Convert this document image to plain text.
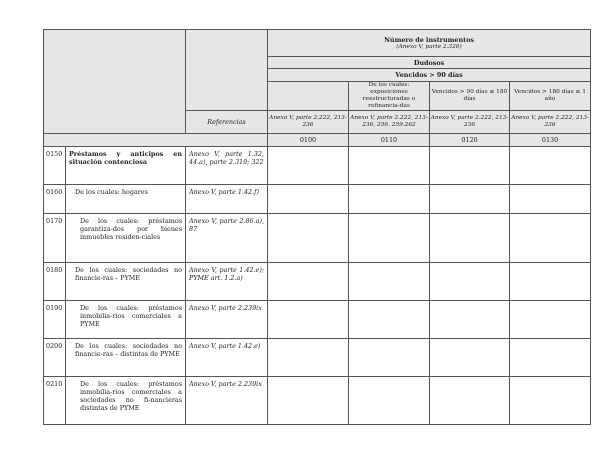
			Número de instrumentos
(Anexo V, parte 2.320)			

			Dudosos			
			Vencidos > 90 días			
				De los cuales: exposiciones reestructuradas o refinancia-das	Vencidos > 90 días ≤ 180 días	Vencidos > 180 días ≤ 1 año
		Referencias	Anexo V, parte 2.222, 213-236	Anexo V, parte 2.222, 213-236, 256, 259.262	Anexo V, parte 2.222, 213-236	Anexo V, parte 2.222, 213-236
			0100	0110	0120	0130
0150	Préstamos y anticipos en situación contenciosa	Anexo V, parte 1.32, 44.a), parte 2.319; 322				
0160	De los cuales: hogares	Anexo V, parte 1.42.f)				
0170	De los cuales: préstamos garantiza-dos por bienes inmuebles residen-ciales	Anexo V, parte 2.86.a), 87				
0180	De los cuales: sociedades no financie-ras – PYME	Anexo V, parte 1.42.e); PYME art. 1.2.a)				
0190	De los cuales: préstamos inmobilia-rios comerciales a PYME	Anexo V, parte 2.239ix				
0200	De los cuales: sociedades no financie-ras – distintas de PYME	Anexo V, parte 1.42.e)				
0210	De los cuales: préstamos inmobilia-rios comerciales a sociedades no fi-nancieras distintas de PYME	Anexo V, parte 2.239ix				
